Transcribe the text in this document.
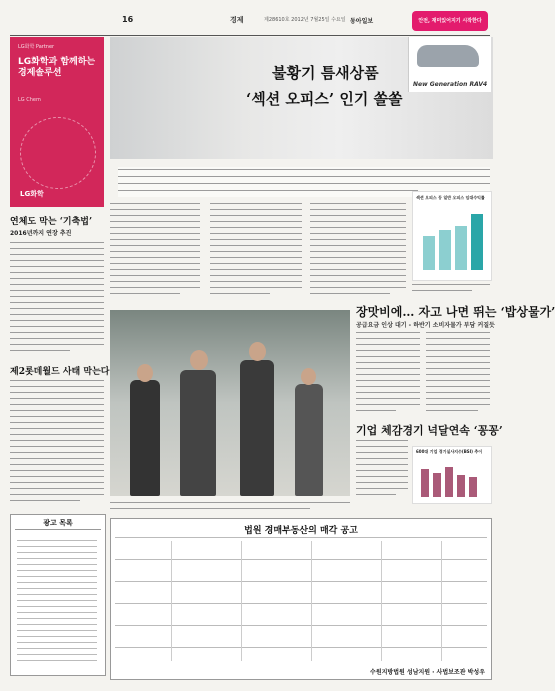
16	경제	제28610호 2012년 7월25일 수요일 동아일보	안전, 재미있어지기 시작한다
LG화학 Partner
LG화학과 함께하는 경제솔루션
LG Chem
LG화학
불황기 틈새상품
‘섹션 오피스’ 인기 쏠쏠
New Generation RAV4
연체도 막는 ‘기축법’
2016년까지 연장 추진
제2롯데월드 사태 막는다
섹션 오피스 등 일반 오피스 임대수익률
장맛비에… 자고 나면 뛰는 ‘밥상물가’
공급요금 인상 대기 - 하반기 소비자물가 부담 커질듯
기업 체감경기 넉달연속 ‘꽁꽁’
600대 기업 경기실사지수(BSI) 추이
광고 목록
법원 경매부동산의 매각 공고
수원지방법원 성남지원 · 사법보조관 박성우
